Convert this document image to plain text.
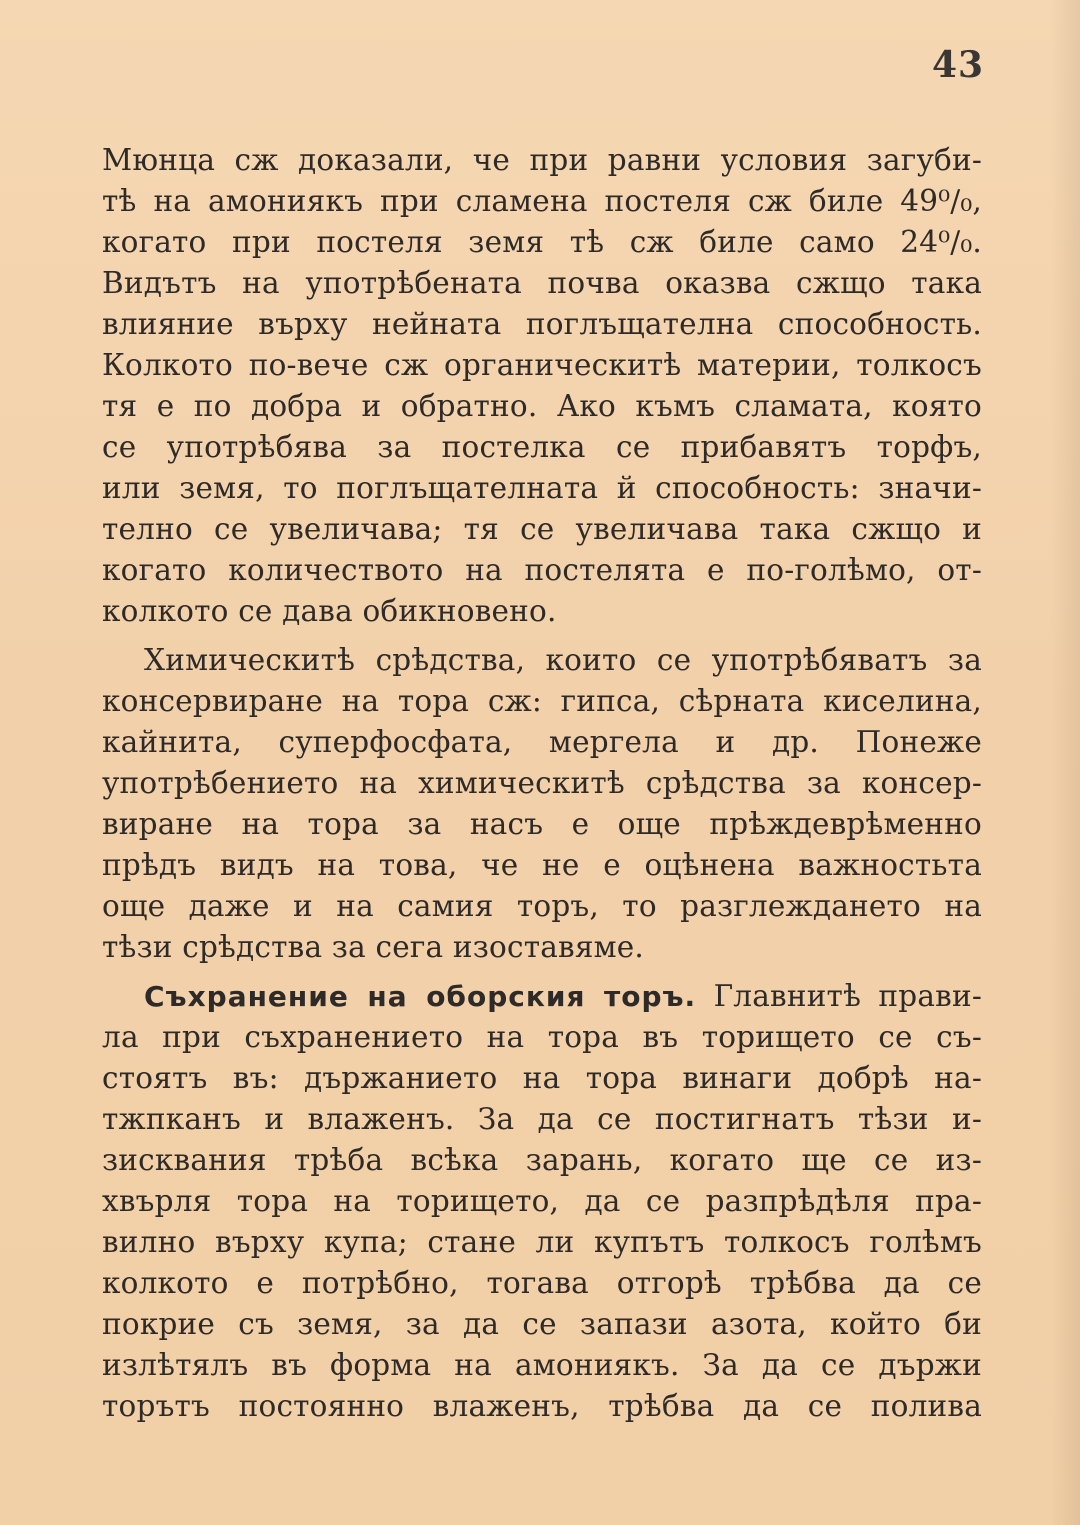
43
Мюнца сж доказали, че при равни условия загуби-
тѣ на амониякъ при сламена постеля сж биле 49⁰/₀,
когато при постеля земя тѣ сж биле само 24⁰/₀.
Видътъ на употрѣбената почва оказва сжщо така
влияние върху нейната поглъщателна способность.
Колкото по-вече сж органическитѣ материи, толкосъ
тя е по добра и обратно. Ако къмъ сламата, която
се употрѣбява за постелка се прибавятъ торфъ,
или земя, то поглъщателната й способность: значи-
телно се увеличава; тя се увеличава така сжщо и
когато количеството на постелята е по-голѣмо, от-
колкото се дава обикновено.
Химическитѣ срѣдства, които се употрѣбяватъ за
консервиране на тора сж: гипса, сѣрната киселина,
кайнита, суперфосфата, мергела и др. Понеже
употрѣбението на химическитѣ срѣдства за консер-
виране на тора за насъ е още прѣждеврѣменно
прѣдъ видъ на това, че не е оцѣнена важностьта
още даже и на самия торъ, то разглеждането на
тѣзи срѣдства за сега изоставяме.
Съхранение на оборския торъ. Главнитѣ прави-
ла при съхранението на тора въ торището се съ-
стоятъ въ: държанието на тора винаги добрѣ на-
тжпканъ и влаженъ. За да се постигнатъ тѣзи и-
зисквания трѣба всѣка зарань, когато ще се из-
хвърля тора на торището, да се разпрѣдѣля пра-
вилно върху купа; стане ли купътъ толкосъ голѣмъ
колкото е потрѣбно, тогава отгорѣ трѣбва да се
покрие съ земя, за да се запази азота, който би
излѣтялъ въ форма на амониякъ. За да се държи
торътъ постоянно влаженъ, трѣбва да се полива
